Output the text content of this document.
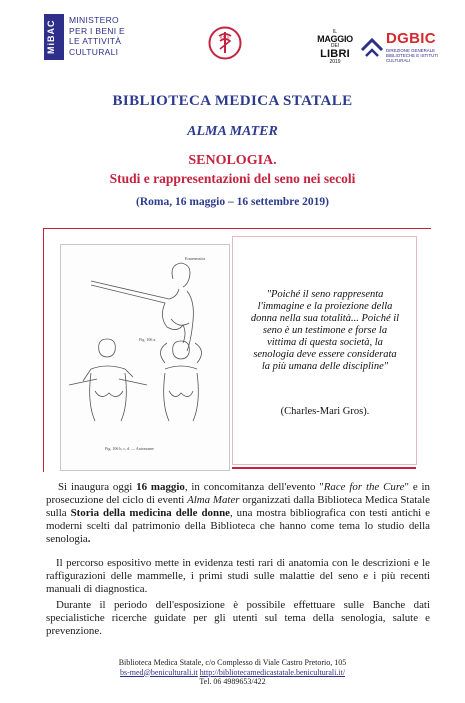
MiBAC MINISTERO
PER I BENI E
LE ATTIVITÀ
CULTURALI
B.M.S.
IL
MAGGIO
DEI
LIBRI
2019
DGBIC
DIREZIONE GENERALE
BIBLIOTECHE E ISTITUTI CULTURALI
BIBLIOTECA MEDICA STATALE
ALMA MATER
SENOLOGIA.
Studi e rappresentazioni del seno nei secoli
(Roma, 16 maggio – 16 settembre 2019)
Ermeneutica
Fig. 106 a.
Fig. 106 b, c, d. — Autoesame
"Poiché il seno rappresenta l'immagine e la proiezione della donna nella sua totalità... Poiché il seno è un testimone e forse la vittima di questa società, la senologia deve essere considerata la più umana delle discipline"
(Charles-Mari Gros).
Si inaugura oggi 16 maggio, in concomitanza dell'evento "Race for the Cure" e in prosecuzione del ciclo di eventi Alma Mater organizzati dalla Biblioteca Medica Statale sulla Storia della medicina delle donne, una mostra bibliografica con testi antichi e moderni scelti dal patrimonio della Biblioteca che hanno come tema lo studio della senologia.
Il percorso espositivo mette in evidenza testi rari di anatomia con le descrizioni e le raffigurazioni delle mammelle, i primi studi sulle malattie del seno e i più recenti manuali di diagnostica.
Durante il periodo dell'esposizione è possibile effettuare sulle Banche dati specialistiche ricerche guidate per gli utenti sul tema della senologia, salute e prevenzione.
Biblioteca Medica Statale, c/o Complesso di Viale Castro Pretorio, 105
bs-med@beniculturali.it http://bibliotecamedicastatale.beniculturali.it/
Tel. 06 4989653/422
